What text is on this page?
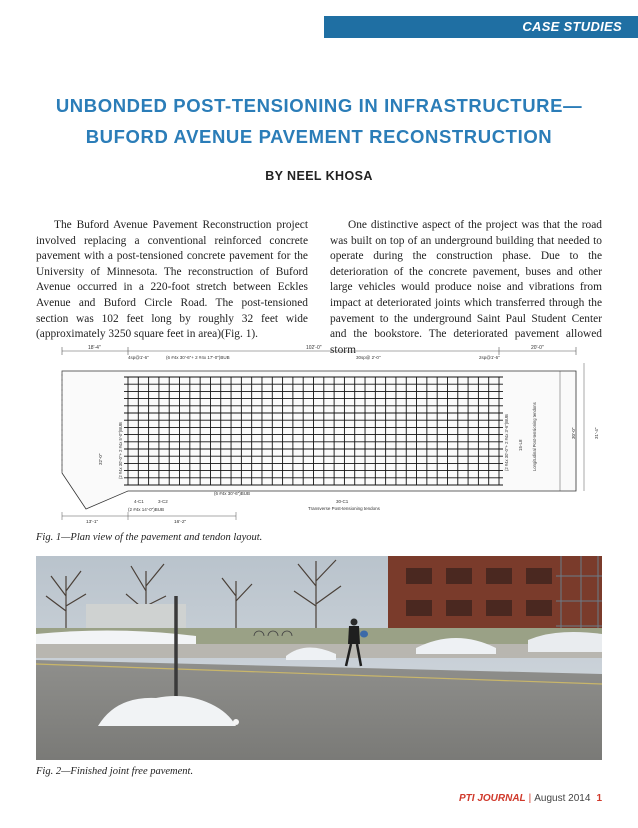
CASE STUDIES
UNBONDED POST-TENSIONING IN INFRASTRUCTURE—
BUFORD AVENUE PAVEMENT RECONSTRUCTION
BY NEEL KHOSA

The Buford Avenue Pavement Reconstruction project involved replacing a conventional reinforced concrete pavement with a post-tensioned concrete pavement for the University of Minnesota. The reconstruction of Buford Avenue occurred in a 220-foot stretch between Eckles Avenue and Buford Circle Road. The post-tensioned section was 102 feet long by roughly 32 feet wide (approximately 3250 square feet in area)(Fig. 1).

One distinctive aspect of the project was that the road was built on top of an underground building that needed to operate during the construction phase. Due to the deterioration of the concrete pavement, buses and other large vehicles would produce noise and vibrations from impact at deteriorated joints which transferred through the pavement to the underground Saint Paul Student Center and the bookstore. The deteriorated pavement allowed storm

18'-4"	102'-0"	20'-0"
4sp@1'-6"	(6 #4x 30'-6"+ 2 #4x 17'-0")BUB	30sp@ 2'-0"	2sp@1'-6"
32'-0"	(2 #4x 30'-0"+ 2 #4x 5'-0")BUB	(2 #4x 30'-0"+ 2 #4x 3'-6")BUB 15-L8 Longitudinal Post-tensioning tendons	30'-0"	31'-4"
(6 #4x 30'-6")BUB
4-C1	3-C2
(2 #4x 14'-0")BUB
30-C1
Transverse Post-tensioning tendons
13'-1"	16'-2"
Fig. 1—Plan view of the pavement and tendon layout.
Fig. 2—Finished joint free pavement.
PTI JOURNAL | August 2014 1
